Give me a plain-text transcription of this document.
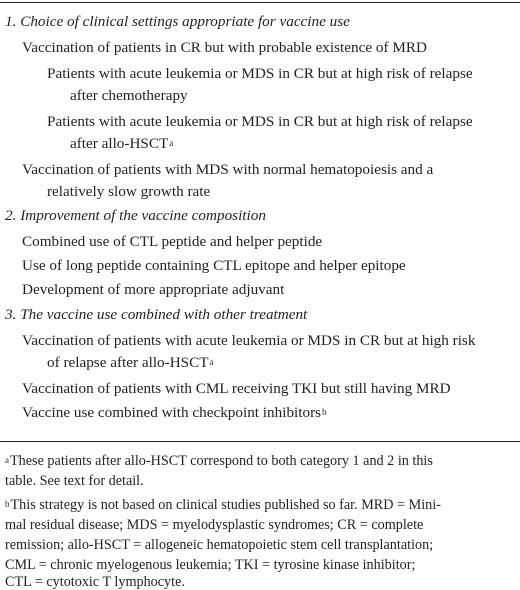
1. Choice of clinical settings appropriate for vaccine use
Vaccination of patients in CR but with probable existence of MRD
Patients with acute leukemia or MDS in CR but at high risk of relapse
after chemotherapy
Patients with acute leukemia or MDS in CR but at high risk of relapse
after allo-HSCT$^a$
Vaccination of patients with MDS with normal hematopoiesis and a
relatively slow growth rate
2. Improvement of the vaccine composition
Combined use of CTL peptide and helper peptide
Use of long peptide containing CTL epitope and helper epitope
Development of more appropriate adjuvant
3. The vaccine use combined with other treatment
Vaccination of patients with acute leukemia or MDS in CR but at high risk
of relapse after allo-HSCT$^a$
Vaccination of patients with CML receiving TKI but still having MRD
Vaccine use combined with checkpoint inhibitors$^b$
$^a$These patients after allo-HSCT correspond to both category 1 and 2 in this
table. See text for detail.
$^b$This strategy is not based on clinical studies published so far. MRD = Mini-
mal residual disease; MDS = myelodysplastic syndromes; CR = complete
remission; allo-HSCT = allogeneic hematopoietic stem cell transplantation;
CML = chronic myelogenous leukemia; TKI = tyrosine kinase inhibitor;
CTL = cytotoxic T lymphocyte.
